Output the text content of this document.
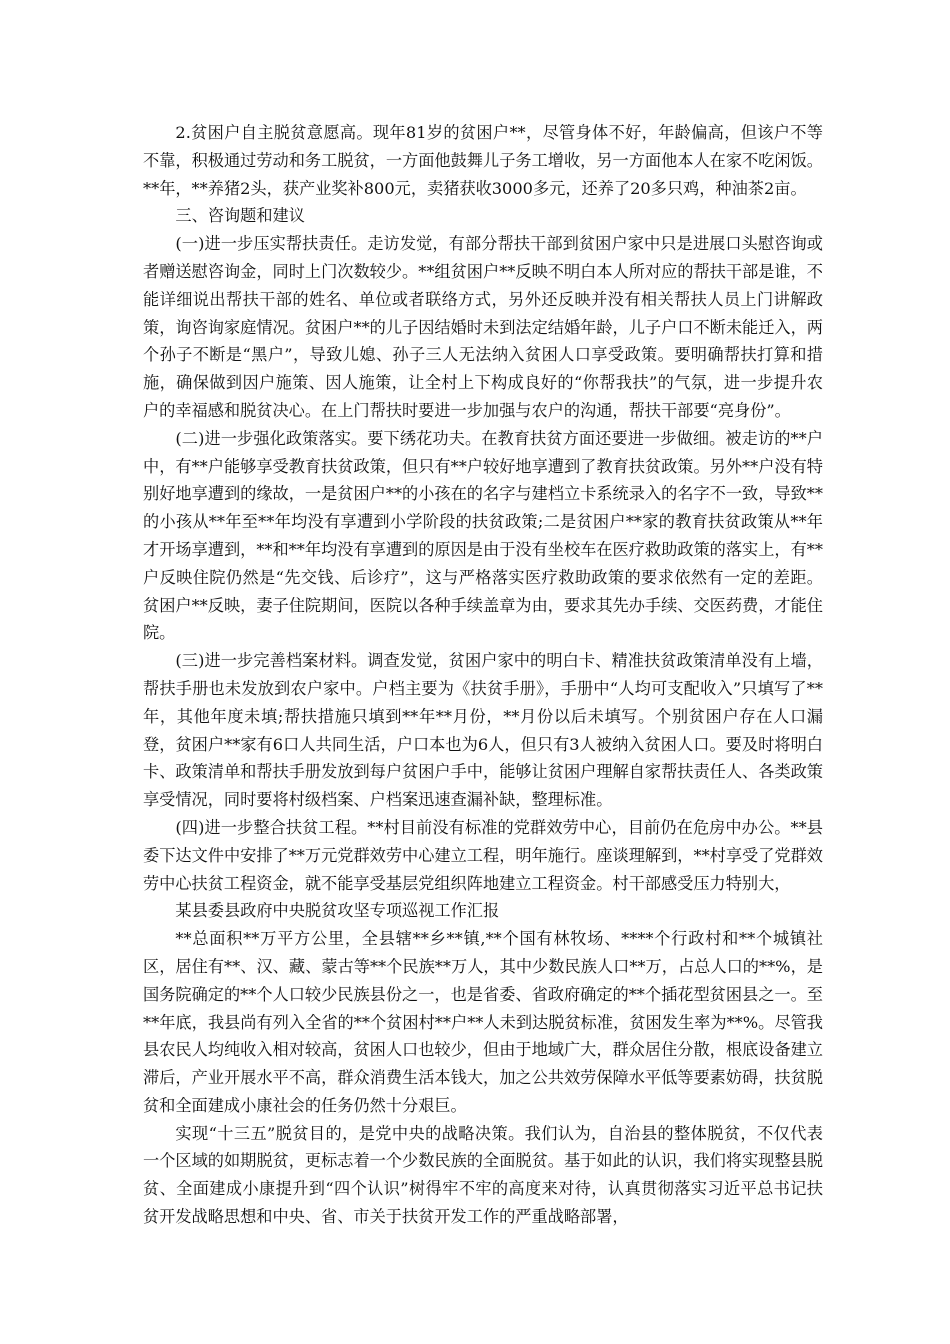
2.贫困户自主脱贫意愿高。现年81岁的贫困户**，尽管身体不好，年龄偏高，但该户不等不靠，积极通过劳动和务工脱贫，一方面他鼓舞儿子务工增收，另一方面他本人在家不吃闲饭。**年，**养猪2头，获产业奖补800元，卖猪获收3000多元，还养了20多只鸡，种油茶2亩。

三、咨询题和建议

(一)进一步压实帮扶责任。走访发觉，有部分帮扶干部到贫困户家中只是进展口头慰咨询或者赠送慰咨询金，同时上门次数较少。**组贫困户**反映不明白本人所对应的帮扶干部是谁，不能详细说出帮扶干部的姓名、单位或者联络方式，另外还反映并没有相关帮扶人员上门讲解政策，询咨询家庭情况。贫困户**的儿子因结婚时未到法定结婚年龄，儿子户口不断未能迁入，两个孙子不断是“黑户”，导致儿媳、孙子三人无法纳入贫困人口享受政策。要明确帮扶打算和措施，确保做到因户施策、因人施策，让全村上下构成良好的“你帮我扶”的气氛，进一步提升农户的幸福感和脱贫决心。在上门帮扶时要进一步加强与农户的沟通，帮扶干部要“亮身份”。

(二)进一步强化政策落实。要下绣花功夫。在教育扶贫方面还要进一步做细。被走访的**户中，有**户能够享受教育扶贫政策，但只有**户较好地享遭到了教育扶贫政策。另外**户没有特别好地享遭到的缘故，一是贫困户**的小孩在的名字与建档立卡系统录入的名字不一致，导致**的小孩从**年至**年均没有享遭到小学阶段的扶贫政策;二是贫困户**家的教育扶贫政策从**年才开场享遭到，**和**年均没有享遭到的原因是由于没有坐校车在医疗救助政策的落实上，有**户反映住院仍然是“先交钱、后诊疗”，这与严格落实医疗救助政策的要求依然有一定的差距。贫困户**反映，妻子住院期间，医院以各种手续盖章为由，要求其先办手续、交医药费，才能住院。

(三)进一步完善档案材料。调查发觉，贫困户家中的明白卡、精准扶贫政策清单没有上墙，帮扶手册也未发放到农户家中。户档主要为《扶贫手册》，手册中“人均可支配收入”只填写了**年，其他年度未填;帮扶措施只填到**年**月份，**月份以后未填写。个别贫困户存在人口漏登，贫困户**家有6口人共同生活，户口本也为6人，但只有3人被纳入贫困人口。要及时将明白卡、政策清单和帮扶手册发放到每户贫困户手中，能够让贫困户理解自家帮扶责任人、各类政策享受情况，同时要将村级档案、户档案迅速查漏补缺，整理标准。

(四)进一步整合扶贫工程。**村目前没有标准的党群效劳中心，目前仍在危房中办公。**县委下达文件中安排了**万元党群效劳中心建立工程，明年施行。座谈理解到，**村享受了党群效劳中心扶贫工程资金，就不能享受基层党组织阵地建立工程资金。村干部感受压力特别大，

某县委县政府中央脱贫攻坚专项巡视工作汇报

**总面积**万平方公里，全县辖**乡**镇,**个国有林牧场、****个行政村和**个城镇社区，居住有**、汉、藏、蒙古等**个民族**万人，其中少数民族人口**万，占总人口的**%，是国务院确定的**个人口较少民族县份之一，也是省委、省政府确定的**个插花型贫困县之一。至**年底，我县尚有列入全省的**个贫困村**户**人未到达脱贫标准，贫困发生率为**%。尽管我县农民人均纯收入相对较高，贫困人口也较少，但由于地域广大，群众居住分散，根底设备建立滞后，产业开展水平不高，群众消费生活本钱大，加之公共效劳保障水平低等要素妨碍，扶贫脱贫和全面建成小康社会的任务仍然十分艰巨。

实现“十三五”脱贫目的，是党中央的战略决策。我们认为，自治县的整体脱贫，不仅代表一个区域的如期脱贫，更标志着一个少数民族的全面脱贫。基于如此的认识，我们将实现整县脱贫、全面建成小康提升到“四个认识”树得牢不牢的高度来对待，认真贯彻落实习近平总书记扶贫开发战略思想和中央、省、市关于扶贫开发工作的严重战略部署，
